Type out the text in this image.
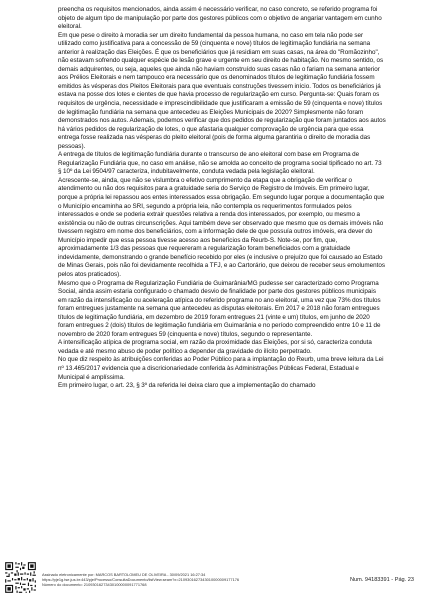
preencha os requisitos mencionados, ainda assim é necessário verificar, no caso concreto, se referido programa foi objeto de algum tipo de manipulação por parte dos gestores públicos com o objetivo de angariar vantagem em cunho eleitoral.

Em que pese o direito à moradia ser um direito fundamental da pessoa humana, no caso em tela não pode ser utilizado como justificativa para a concessão de 59 (cinquenta e nove) títulos de legitimação fundiária na semana anterior à realização das Eleições. É que os beneficiários que já residiam em suas casas, na área do "Romãozinho", não estavam sofrendo qualquer espécie de lesão grave e urgente em seu direito de habitação. No mesmo sentido, os demais adquirentes, ou seja, aqueles que ainda não haviam construído suas casas não o fariam na semana anterior aos Prélios Eleitorais e nem tampouco era necessário que os denominados títulos de legitimação fundiária fossem emitidos às vésperas dos Pleitos Eleitorais para que eventuais construções tivessem início. Todos os beneficiários já estava na posse dos lotes e cientes de que havia processo de regularização em curso. Pergunta-se: Quais foram os requisitos de urgência, necessidade e imprescindibilidade que justificaram a emissão de 59 (cinquenta e nove) títulos de legitimação fundiária na semana que antecedeu as Eleições Municipais de 2020? Simplesmente não foram demonstrados nos autos. Ademais, podemos verificar que dos pedidos de regularização que foram juntados aos autos há vários pedidos de regularização de lotes, o que afastaria qualquer comprovação de urgência para que essa entrega fosse realizada nas vésperas do pleito eleitoral (pois de forma alguma garantiria o direito de moradia das pessoas).

A entrega de títulos de legitimação fundiária durante o transcurso de ano eleitoral com base em Programa de Regularização Fundiária que, no caso em análise, não se amolda ao conceito de programa social tipificado no art. 73 § 10º da Lei 9504/97 caracteriza, indubitavelmente, conduta vedada pela legislação eleitoral.

Acrescente-se, ainda, que não se vislumbra o efetivo cumprimento da etapa que a obrigação de verificar o atendimento ou não dos requisitos para a gratuidade seria do Serviço de Registro de Imóveis. Em primeiro lugar, porque a própria lei repassou aos entes interessados essa obrigação. Em segundo lugar porque a documentação que o Município encaminha ao SRI, segundo a própria leia, não contempla os requerimentos formulados pelos interessados e onde se poderia extrair questões relativa a renda dos interessados, por exemplo, ou mesmo a existência ou não de outras circunscrições. Aqui também deve ser observado que mesmo que os demais imóveis não tivessem registro em nome dos beneficiários, com a informação dele de que possuía outros imóveis, era dever do Município impedir que essa pessoa tivesse acesso aos benefícios da Reurb-S. Note-se, por fim, que, aproximadamente 1/3 das pessoas que requereram a regularização foram beneficiados com a gratuidade indevidamente, demonstrando o grande benefício recebido por eles (e inclusive o prejuízo que foi causado ao Estado de Minas Gerais, pois não foi devidamente recolhida a TFJ, e ao Cartorário, que deixou de receber seus emolumentos pelos atos praticados).

Mesmo que o Programa de Regularização Fundiária de Guimarânia/MG pudesse ser caracterizado como Programa Social, ainda assim estaria configurado o chamado desvio de finalidade por parte dos gestores públicos municipais em razão da intensificação ou aceleração atípica do referido programa no ano eleitoral, uma vez que 73% dos títulos foram entregues justamente na semana que antecedeu as disputas eleitorais. Em 2017 e 2018 não foram entregues títulos de legitimação fundiária, em dezembro de 2019 foram entregues 21 (vinte e um) títulos, em junho de 2020 foram entregues 2 (dois) títulos de legitimação fundiária em Guimarânia e no período compreendido entre 10 e 11 de novembro de 2020 foram entregues 59 (cinquenta e nove) títulos, segundo o representante.

A intensificação atípica de programa social, em razão da proximidade das Eleições, por si só, caracteriza conduta vedada e até mesmo abuso de poder político a depender da gravidade do ilícito perpetrado.

No que diz respeito às atribuições conferidas ao Poder Público para a implantação do Reurb, uma breve leitura da Lei nº 13.465/2017 evidencia que a discricionariedade conferida às Administrações Públicas Federal, Estadual e Municipal é amplíssima.

Em primeiro lugar, o art. 23, § 3º da referida lei deixa claro que a implementação do chamado

Assinado eletronicamente por: MARCOS BARTOLOMEU DE OLIVEIRA - 30/09/2021 16:27:34
https://pje1g.tse.jus.br:443/pje/Processo/ConsultaDocumento/listView.seam?x=21093016273430100000091771​76
Número do documento: 21093016273430100000091771768
Num. 94183391 - Pág. 23
